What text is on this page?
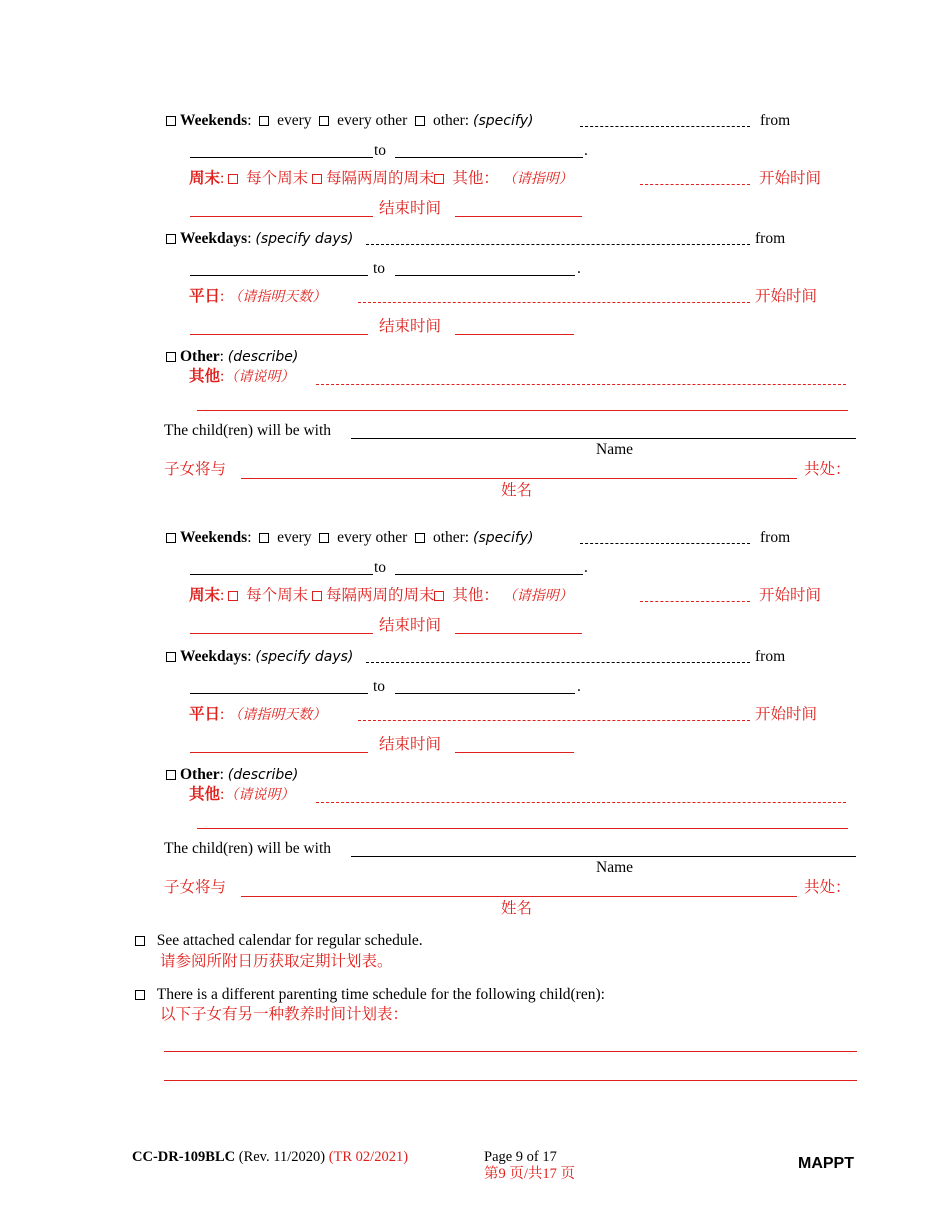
Weekends:   every every other other: (specify)	from
to	.
周末:  每个周末 每隔两周的周末 其他： （请指明）	开始时间
结束时间
Weekdays: (specify days)	from
to	.
平日: （请指明天数）	开始时间
结束时间
Other: (describe)
其他:（请说明）
The child(ren) will be with
Name
子女将与	共处：
姓名
Weekends:   every every other other: (specify)	from
to	.
周末:  每个周末 每隔两周的周末 其他： （请指明）	开始时间
结束时间
Weekdays: (specify days)	from
to	.
平日: （请指明天数）	开始时间
结束时间
Other: (describe)
其他:（请说明）
The child(ren) will be with
Name
子女将与	共处：
姓名
See attached calendar for regular schedule.
请参阅所附日历获取定期计划表。
There is a different parenting time schedule for the following child(ren):
以下子女有另一种教养时间计划表：
CC-DR-109BLC (Rev. 11/2020) (TR 02/2021)	Page 9 of 17
第9 页/共17 页
MAPPT
